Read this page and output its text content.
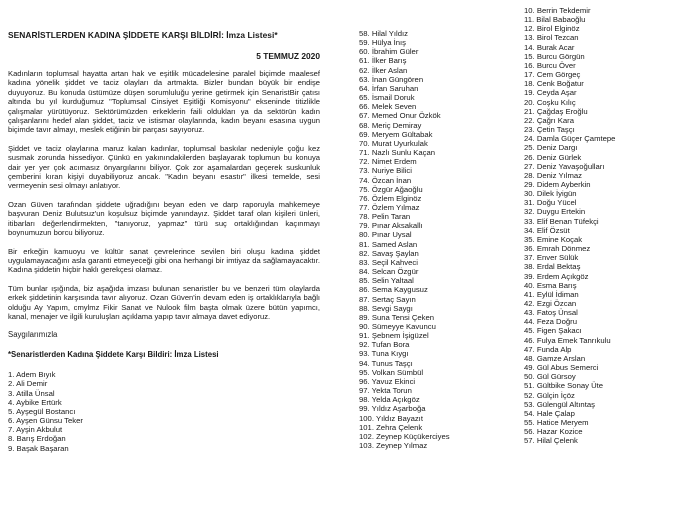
SENARİSTLERDEN KADINA ŞİDDETE KARŞI BİLDİRİ: İmza Listesi*
5 TEMMUZ 2020

Kadınların toplumsal hayatta artan hak ve eşitlik mücadelesine paralel biçimde maalesef kadına yönelik şiddet ve taciz olayları da artmakta. Bizler bundan büyük bir endişe duyuyoruz. Bu konuda üstümüze düşen sorumluluğu yerine getirmek için SenaristBir çatısı altında bu yıl kurduğumuz "Toplumsal Cinsiyet Eşitliği Komisyonu" ekseninde titizlikle çalışmalar yürütüyoruz. Sektörümüzden erkeklerin faili oldukları ya da sektörün kadın çalışanlarını hedef alan şiddet, taciz ve istismar olaylarında, kadın beyanı esasına uygun biçimde tavır almayı, meslek etiğinin bir parçası sayıyoruz.

Şiddet ve taciz olaylarına maruz kalan kadınlar, toplumsal baskılar nedeniyle çoğu kez susmak zorunda hissediyor. Çünkü en yakınındakilerden başlayarak toplumun bu konuya dair yer yer çok acımasız önyargılarını biliyor. Çok zor aşamalardan geçerek suskunluk çemberini kıran kişiyi duyabiliyoruz ancak. "Kadın beyanı esastır" ilkesi temelde, sesi vermeyenin sesi olmayı anlatıyor.

Ozan Güven tarafından şiddete uğradığını beyan eden ve darp raporuyla mahkemeye başvuran Deniz Bulutsuz'un koşulsuz biçimde yanındayız. Şiddet taraf olan kişileri ünleri, itibarları değerlendirmekten, "tanıyoruz, yapmaz" türü suç ortaklığından kaçınmayı boynumuzun borcu biliyoruz.

Bir erkeğin kamuoyu ve kültür sanat çevrelerince sevilen biri oluşu kadına şiddet uygulamayacağını asla garanti etmeyeceği gibi ona herhangi bir imtiyaz da sağlamayacaktır. Kadına şiddetin hiçbir haklı gerekçesi olamaz.

Tüm bunlar ışığında, biz aşağıda imzası bulunan senaristler bu ve benzeri tüm olaylarda erkek şiddetinin karşısında tavır alıyoruz. Ozan Güven'in devam eden iş ortaklıklarıyla bağlı olduğu Ay Yapım, cmylmz Fikir Sanat ve Nulook film başta olmak üzere bütün yapımcı, kanal, menajer ve ilgili kuruluşları açıklama yapıp tavır almaya davet ediyoruz.

Saygılarımızla
*Senaristlerden Kadına Şiddete Karşı Bildiri: İmza Listesi
1. Adem Bıyık
2. Ali Demir
3. Atilla Ünsal
4. Aybike Ertürk
5. Ayşegül Bostancı
6. Ayşen Günsu Teker
7. Ayşin Akbulut
8. Barış Erdoğan
9. Başak Başaran
58. Hilal Yıldız
59. Hülya İnış
60. İbrahim Güler
61. İlker Barış
62. İlker Aslan
63. İnan Güngören
64. İrfan Saruhan
65. İsmail Doruk
66. Melek Seven
67. Memed Onur Özkök
68. Meriç Demiray
69. Meryem Gültabak
70. Murat Uyurkulak
71. Nazlı Sunlu Kaçan
72. Nimet Erdem
73. Nuriye Bilici
74. Özcan İnan
75. Özgür Ağaoğlu
76. Özlem Elginöz
77. Özlem Yılmaz
78. Pelin Taran
79. Pınar Aksakallı
80. Pınar Uysal
81. Samed Aslan
82. Savaş Şaylan
83. Seçil Kahveci
84. Selcan Özgür
85. Selin Yaltaal
86. Sema Kaygusuz
87. Sertaç Sayın
88. Sevgi Saygı
89. Suna Tensi Çeken
90. Sümeyye Kavuncu
91. Şebnem İşigüzel
92. Tufan Bora
93. Tuna Kıygı
94. Tunus Taşçı
95. Volkan Sümbül
96. Yavuz Ekinci
97. Yekta Torun
98. Yelda Açıkgöz
99. Yıldız Aşarboğa
100. Yıldız Bayazıt
101. Zehra Çelenk
102. Zeynep Küçükerciyes
103. Zeynep Yılmaz
10. Berrin Tekdemir
11. Bilal Babaoğlu
12. Birol Elginöz
13. Birol Tezcan
14. Burak Acar
15. Burcu Görgün
16. Burcu Över
17. Cem Görgeç
18. Cenk Boğatur
19. Ceyda Aşar
20. Coşku Kılıç
21. Çağdaş Eroğlu
22. Çağrı Kara
23. Çetin Taşçı
24. Damla Güçer Çamtepe
25. Deniz Dargı
26. Deniz Gürlek
27. Deniz Yavaşoğulları
28. Deniz Yılmaz
29. Didem Ayberkin
30. Dilek İyigün
31. Doğu Yücel
32. Duygu Ertekin
33. Elif Benan Tüfekçi
34. Elif Özsüt
35. Emine Koçak
36. Emrah Dönmez
37. Enver Sülük
38. Erdal Bektaş
39. Erdem Açıkgöz
40. Esma Barış
41. Eylül İdiman
42. Ezgi Özcan
43. Fatoş Ünsal
44. Feza Doğru
45. Figen Şakacı
46. Fulya Emek Tanrıkulu
47. Funda Alp
48. Gamze Arslan
49. Gül Abus Semerci
50. Gül Gürsoy
51. Gültbike Sonay Üte
52. Gülçin İçöz
53. Gülengül Altıntaş
54. Hale Çalap
55. Hatice Meryem
56. Hazar Kozice
57. Hilal Çelenk
